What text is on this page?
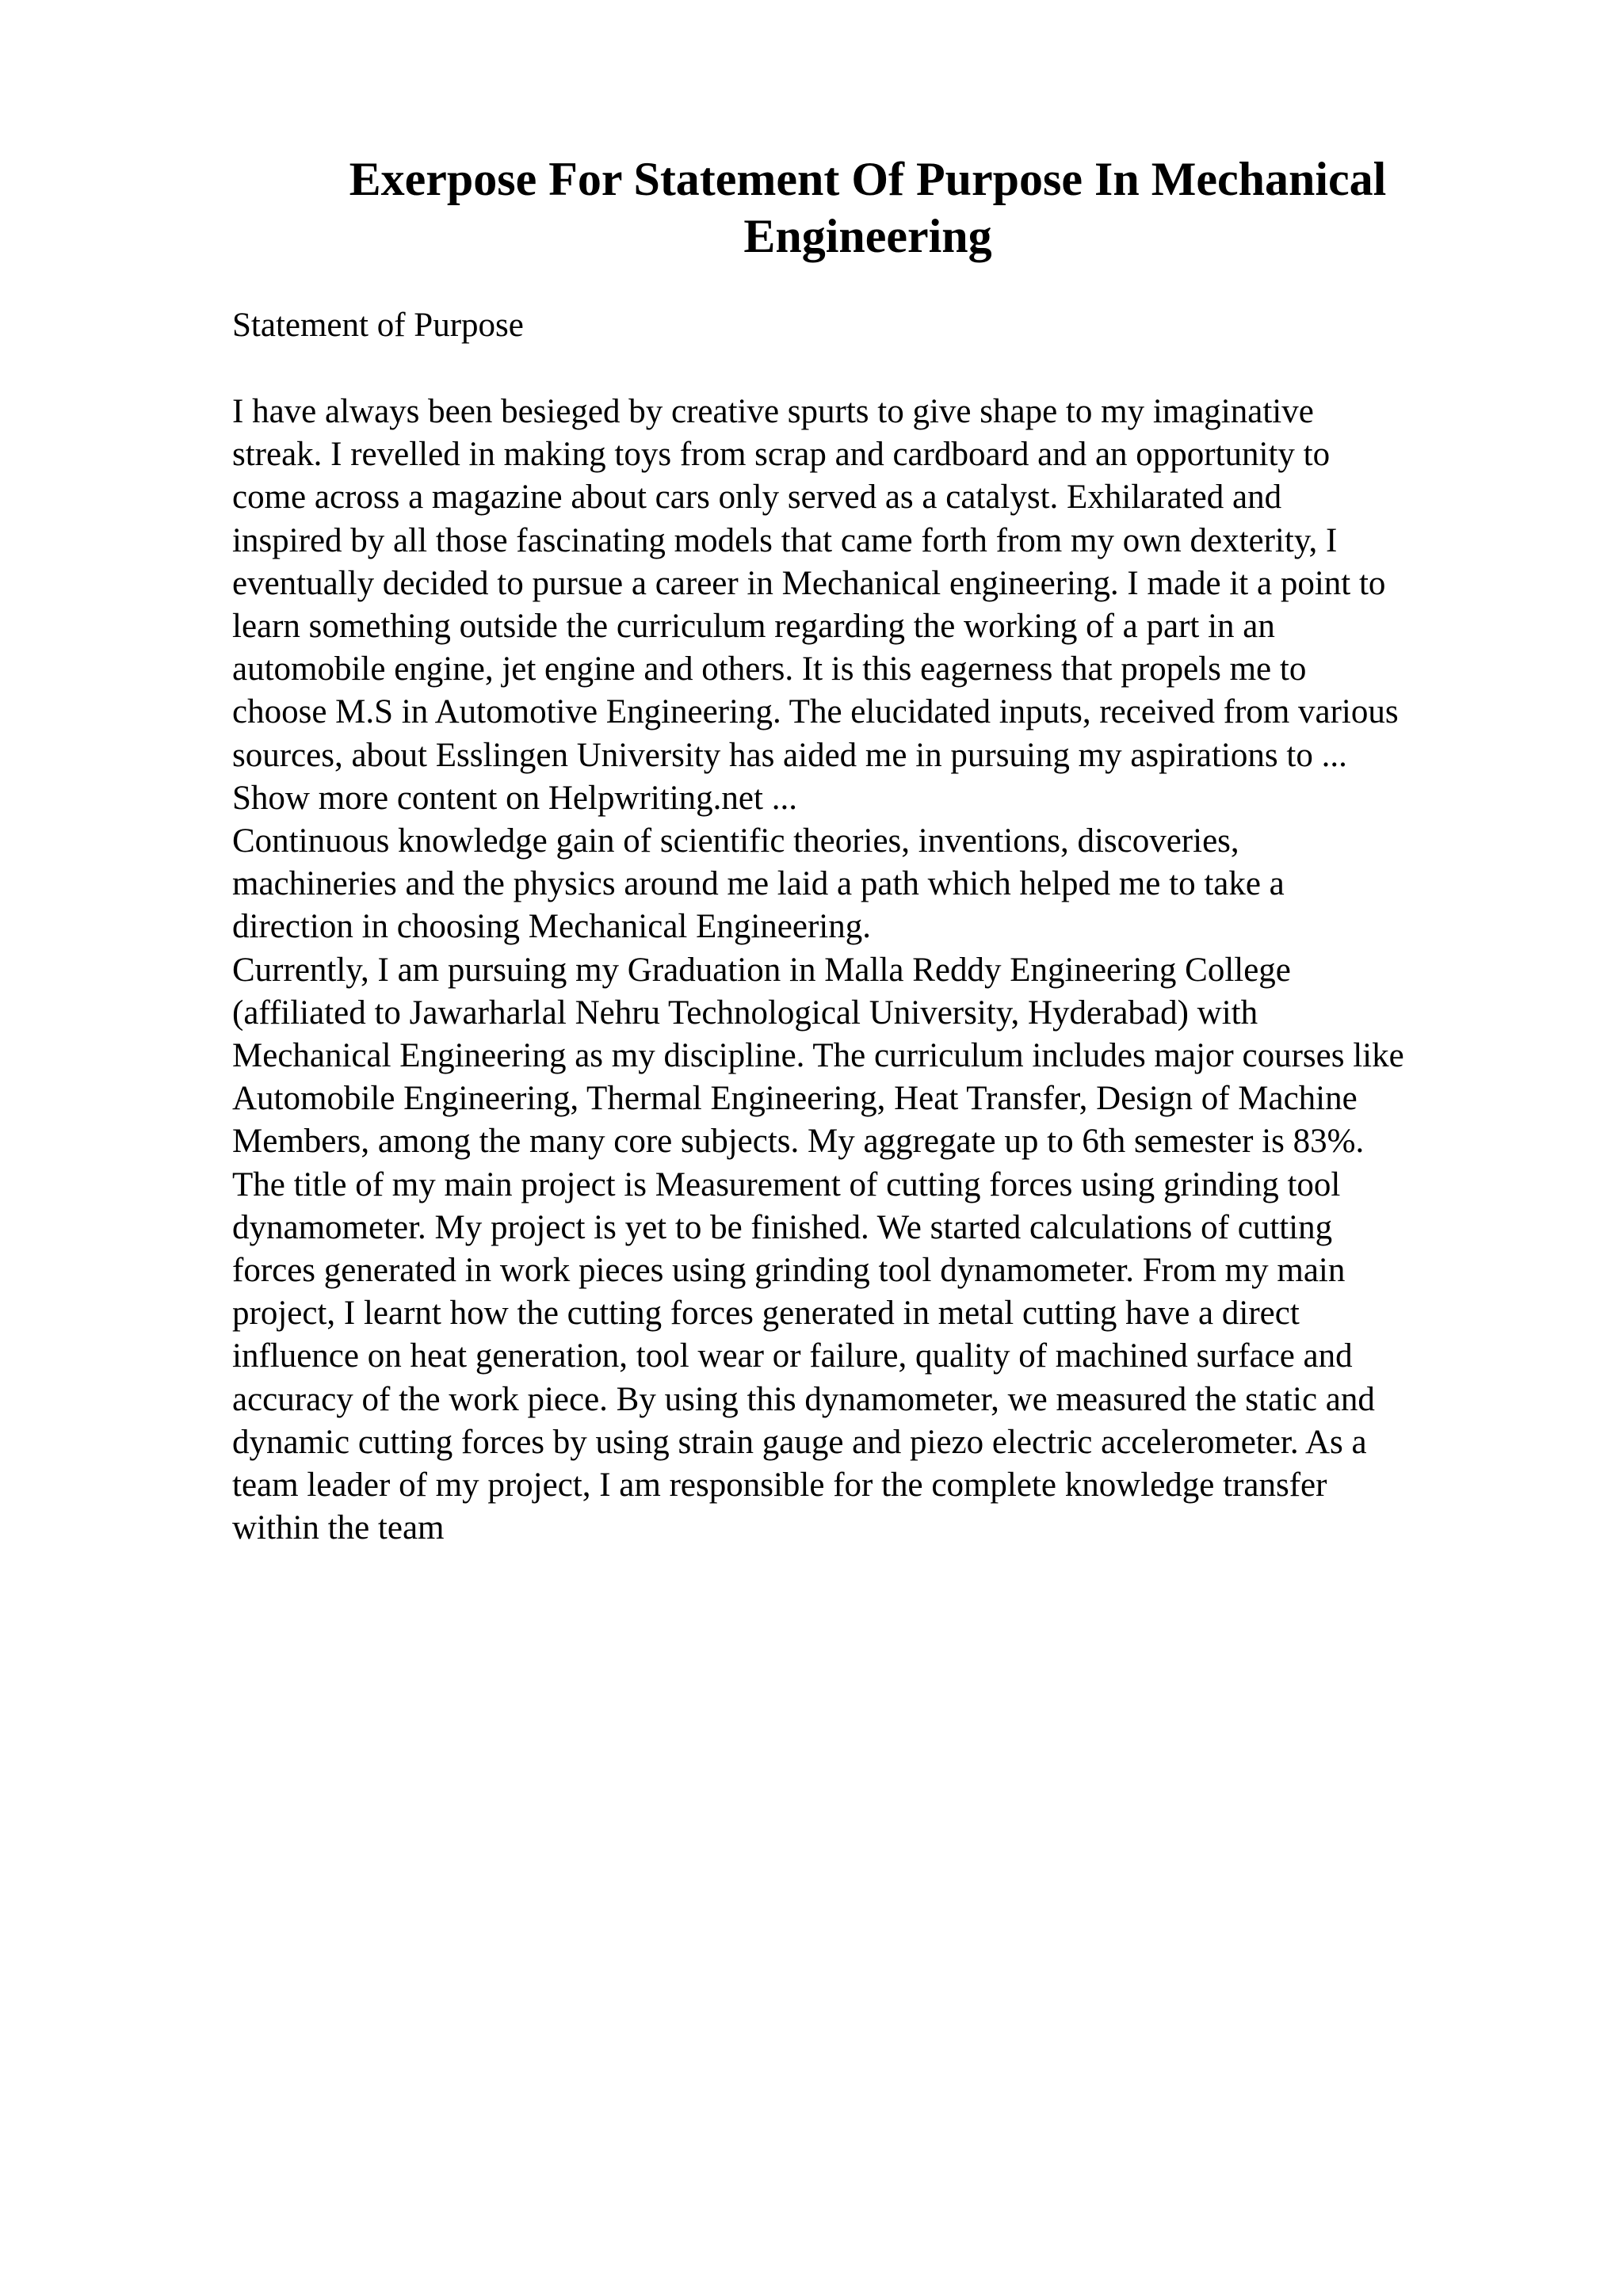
Exerpose For Statement Of Purpose In Mechanical
Engineering

Statement of Purpose

I have always been besieged by creative spurts to give shape to my imaginative
streak. I revelled in making toys from scrap and cardboard and an opportunity to
come across a magazine about cars only served as a catalyst. Exhilarated and
inspired by all those fascinating models that came forth from my own dexterity, I
eventually decided to pursue a career in Mechanical engineering. I made it a point to
learn something outside the curriculum regarding the working of a part in an
automobile engine, jet engine and others. It is this eagerness that propels me to
choose M.S in Automotive Engineering. The elucidated inputs, received from various
sources, about Esslingen University has aided me in pursuing my aspirations to ...
Show more content on Helpwriting.net ...
Continuous knowledge gain of scientific theories, inventions, discoveries,
machineries and the physics around me laid a path which helped me to take a
direction in choosing Mechanical Engineering.
Currently, I am pursuing my Graduation in Malla Reddy Engineering College
(affiliated to Jawarharlal Nehru Technological University, Hyderabad) with
Mechanical Engineering as my discipline. The curriculum includes major courses like
Automobile Engineering, Thermal Engineering, Heat Transfer, Design of Machine
Members, among the many core subjects. My aggregate up to 6th semester is 83%.
The title of my main project is Measurement of cutting forces using grinding tool
dynamometer. My project is yet to be finished. We started calculations of cutting
forces generated in work pieces using grinding tool dynamometer. From my main
project, I learnt how the cutting forces generated in metal cutting have a direct
influence on heat generation, tool wear or failure, quality of machined surface and
accuracy of the work piece. By using this dynamometer, we measured the static and
dynamic cutting forces by using strain gauge and piezo electric accelerometer. As a
team leader of my project, I am responsible for the complete knowledge transfer
within the team
